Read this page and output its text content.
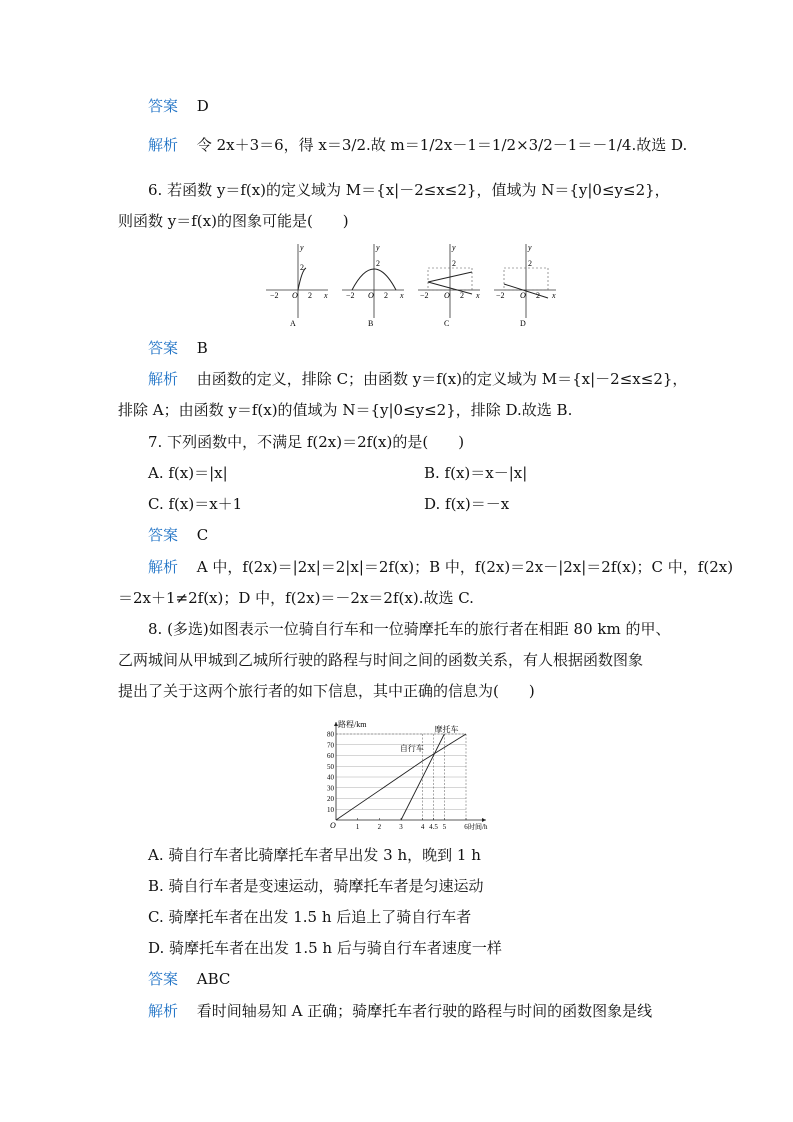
答案 D
解析 令 2x＋3＝6，得 x＝3/2.故 m＝1/2x－1＝1/2×3/2－1＝－1/4.故选 D.
6. 若函数 y＝f(x)的定义域为 M＝{x|－2≤x≤2}，值域为 N＝{y|0≤y≤2}，
则函数 y＝f(x)的图象可能是(　　)
y
x
2
−2 O 2
A
y
x
2
−2 O 2
B
y
x
2
−2 O 2
C
y
x
2
−2 O 2
D
答案 B
解析 由函数的定义，排除 C；由函数 y＝f(x)的定义域为 M＝{x|－2≤x≤2}，
排除 A；由函数 y＝f(x)的值域为 N＝{y|0≤y≤2}，排除 D.故选 B.
7. 下列函数中，不满足 f(2x)＝2f(x)的是(　　)
A. f(x)＝|x|	B. f(x)＝x－|x|
C. f(x)＝x＋1	D. f(x)＝－x
答案 C
解析 A 中，f(2x)＝|2x|＝2|x|＝2f(x)；B 中，f(2x)＝2x－|2x|＝2f(x)；C 中，f(2x)
＝2x＋1≠2f(x)；D 中，f(2x)＝－2x＝2f(x).故选 C.
8. (多选)如图表示一位骑自行车和一位骑摩托车的旅行者在相距 80 km 的甲、
乙两城间从甲城到乙城所行驶的路程与时间之间的函数关系，有人根据函数图象
提出了关于这两个旅行者的如下信息，其中正确的信息为(　　)
10
20
30
40
50
60
70
80
1	2	3	4 4.5 5	6
自行车
摩托车
路程/km
时间/h
O
A. 骑自行车者比骑摩托车者早出发 3 h，晚到 1 h
B. 骑自行车者是变速运动，骑摩托车者是匀速运动
C. 骑摩托车者在出发 1.5 h 后追上了骑自行车者
D. 骑摩托车者在出发 1.5 h 后与骑自行车者速度一样
答案 ABC
解析 看时间轴易知 A 正确；骑摩托车者行驶的路程与时间的函数图象是线
